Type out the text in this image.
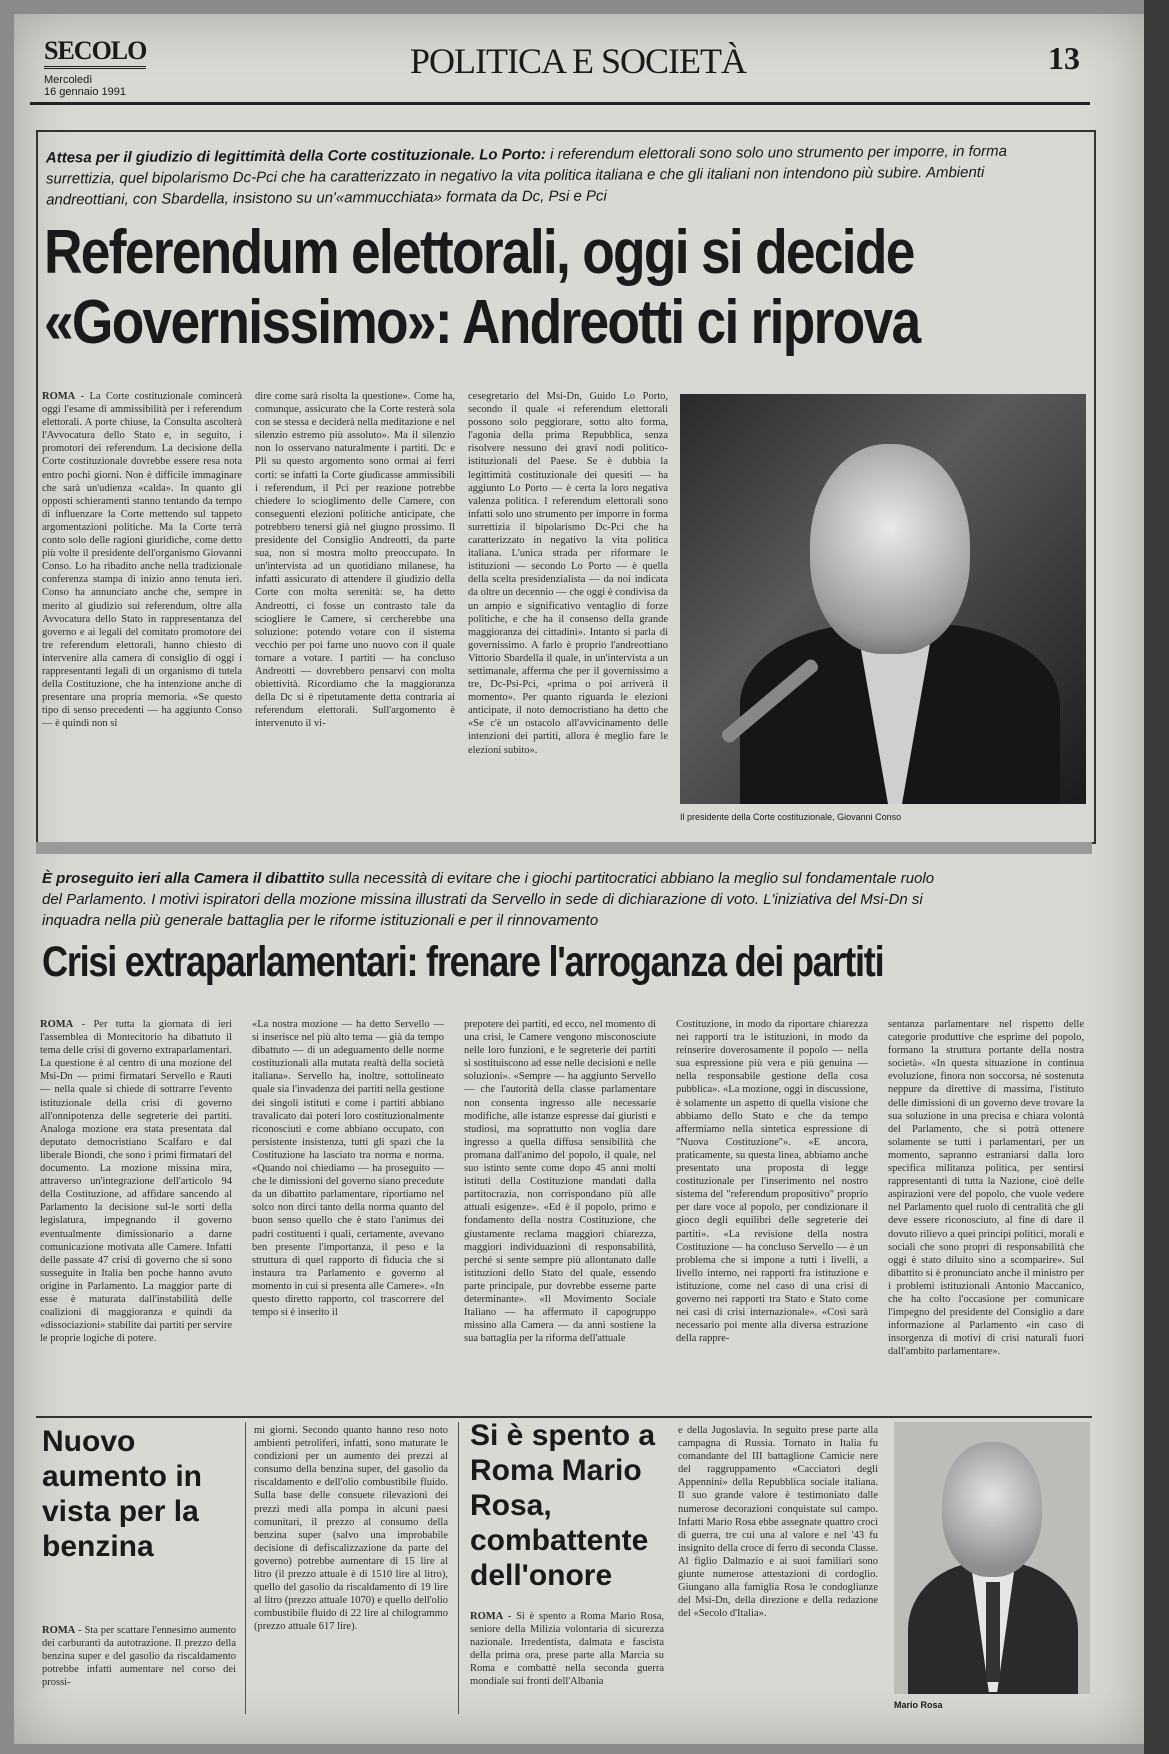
SECOLO
Mercoledì
16 gennaio 1991
POLITICA E SOCIETÀ	13
Attesa per il giudizio di legittimità della Corte costituzionale. Lo Porto: i referendum elettorali sono solo uno strumento per imporre, in forma surrettizia, quel bipolarismo Dc-Pci che ha caratterizzato in negativo la vita politica italiana e che gli italiani non intendono più subire. Ambienti andreottiani, con Sbardella, insistono su un'«ammucchiata» formata da Dc, Psi e Pci
Referendum elettorali, oggi si decide
«Governissimo»: Andreotti ci riprova
ROMA - La Corte costituzionale comincerà oggi l'esame di ammissibilità per i referendum elettorali. A porte chiuse, la Consulta ascolterà l'Avvocatura dello Stato e, in seguito, i promotori dei referendum. La decisione della Corte costituzionale dovrebbe essere resa nota entro pochi giorni. Non è difficile immaginare che sarà un'udienza «calda». In quanto gli opposti schieramenti stanno tentando da tempo di influenzare la Corte mettendo sul tappeto argomentazioni politiche. Ma la Corte terrà conto solo delle ragioni giuridiche, come detto più volte il presidente dell'organismo Giovanni Conso. Lo ha ribadito anche nella tradizionale conferenza stampa di inizio anno tenuta ieri. Conso ha annunciato anche che, sempre in merito al giudizio sui referendum, oltre alla Avvocatura dello Stato in rappresentanza del governo e ai legali del comitato promotore dei tre referendum elettorali, hanno chiesto di intervenire alla camera di consiglio di oggi i rappresentanti legali di un organismo di tutela della Costituzione, che ha intenzione anche di presentare una propria memoria. «Se questo tipo di senso precedenti — ha aggiunto Conso — è quindi non si
dire come sarà risolta la questione». Come ha, comunque, assicurato che la Corte resterà sola con se stessa e deciderà nella meditazione e nel silenzio estremo più assoluto». Ma il silenzio non lo osservano naturalmente i partiti. Dc e Pli su questo argomento sono ormai ai ferri corti: se infatti la Corte giudicasse ammissibili i referendum, il Pci per reazione potrebbe chiedere lo scioglimento delle Camere, con conseguenti elezioni politiche anticipate, che potrebbero tenersi già nel giugno prossimo. Il presidente del Consiglio Andreotti, da parte sua, non si mostra molto preoccupato. In un'intervista ad un quotidiano milanese, ha infatti assicurato di attendere il giudizio della Corte con molta serenità: se, ha detto Andreotti, ci fosse un contrasto tale da sciogliere le Camere, si cercherebbe una soluzione: potendo votare con il sistema vecchio per poi farne uno nuovo con il quale tornare a votare. I partiti — ha concluso Andreotti — dovrebbero pensarvi con molta obiettività. Ricordiamo che la maggioranza della Dc si è ripetutamente detta contraria ai referendum elettorali. Sull'argomento è intervenuto il vi-
cesegretario del Msi-Dn, Guido Lo Porto, secondo il quale «i referendum elettorali possono solo peggiorare, sotto alto forma, l'agonia della prima Repubblica, senza risolvere nessuno dei gravi nodi politico-istituzionali del Paese. Se è dubbia la legittimità costituzionale dei quesiti — ha aggiunto Lo Porto — è certa la loro negativa valenza politica. I referendum elettorali sono infatti solo uno strumento per imporre in forma surrettizia il bipolarismo Dc-Pci che ha caratterizzato in negativo la vita politica italiana. L'unica strada per riformare le istituzioni — secondo Lo Porto — è quella della scelta presidenzialista — da noi indicata da oltre un decennio — che oggi è condivisa da un ampio e significativo ventaglio di forze politiche, e che ha il consenso della grande maggioranza dei cittadini». Intanto si parla di governissimo. A farlo è proprio l'andreottiano Vittorio Sbardella il quale, in un'intervista a un settimanale, afferma che per il governissimo a tre, Dc-Psi-Pci, «prima o poi arriverà il momento». Per quanto riguarda le elezioni anticipate, il noto democristiano ha detto che «Se c'è un ostacolo all'avvicinamento delle intenzioni dei partiti, allora è meglio fare le elezioni subito».
Il presidente della Corte costituzionale, Giovanni Conso
È proseguito ieri alla Camera il dibattito sulla necessità di evitare che i giochi partitocratici abbiano la meglio sul fondamentale ruolo del Parlamento. I motivi ispiratori della mozione missina illustrati da Servello in sede di dichiarazione di voto. L'iniziativa del Msi-Dn si inquadra nella più generale battaglia per le riforme istituzionali e per il rinnovamento
Crisi extraparlamentari: frenare l'arroganza dei partiti
ROMA - Per tutta la giornata di ieri l'assemblea di Montecitorio ha dibattuto il tema delle crisi di governo extraparlamentari. La questione è al centro di una mozione del Msi-Dn — primi firmatari Servello e Rauti — nella quale si chiede di sottrarre l'evento istituzionale della crisi di governo all'onnipotenza delle segreterie dei partiti. Analoga mozione era stata presentata dal deputato democristiano Scalfaro e dal liberale Biondi, che sono i primi firmatari del documento. La mozione missina mira, attraverso un'integrazione dell'articolo 94 della Costituzione, ad affidare sancendo al Parlamento la decisione sul-le sorti della legislatura, impegnando il governo eventualmente dimissionario a darne comunicazione motivata alle Camere. Infatti delle passate 47 crisi di governo che si sono susseguite in Italia ben poche hanno avuto origine in Parlamento. La maggior parte di esse è maturata dall'instabilità delle coalizioni di maggioranza e quindi da «dissociazioni» stabilite dai partiti per servire le proprie logiche di potere.
«La nostra mozione — ha detto Servello — si inserisce nel più alto tema — già da tempo dibattuto — di un adeguamento delle norme costituzionali alla mutata realtà della società italiana». Servello ha, inoltre, sottolineato quale sia l'invadenza dei partiti nella gestione dei singoli istituti e come i partiti abbiano travalicato dai poteri loro costituzionalmente riconosciuti e come abbiano occupato, con persistente insistenza, tutti gli spazi che la Costituzione ha lasciato tra norma e norma. «Quando noi chiediamo — ha proseguito — che le dimissioni del governo siano precedute da un dibattito parlamentare, riportiamo nel solco non dirci tanto della norma quanto del buon senso quello che è stato l'animus dei padri costituenti i quali, certamente, avevano ben presente l'importanza, il peso e la struttura di quel rapporto di fiducia che si instaura tra Parlamento e governo al momento in cui si presenta alle Camere». «In questo diretto rapporto, col trascorrere del tempo si è inserito il
prepotere dei partiti, ed ecco, nel momento di una crisi, le Camere vengono misconosciute nelle loro funzioni, e le segreterie dei partiti si sostituiscono ad esse nelle decisioni e nelle soluzioni». «Sempre — ha aggiunto Servello — che l'autorità della classe parlamentare non consenta ingresso alle necessarie modifiche, alle istanze espresse dai giuristi e studiosi, ma soprattutto non voglia dare ingresso a quella diffusa sensibilità che promana dall'animo del popolo, il quale, nel suo istinto sente come dopo 45 anni molti istituti della Costituzione mandati dalla partitocrazia, non corrispondano più alle attuali esigenze». «Ed è il popolo, primo e fondamento della nostra Costituzione, che giustamente reclama maggiori chiarezza, maggiori individuazioni di responsabilità, perché si sente sempre più allontanato dalle istituzioni dello Stato del quale, essendo parte principale, pur dovrebbe esserne parte determinante». «Il Movimento Sociale Italiano — ha affermato il capogruppo missino alla Camera — da anni sostiene la sua battaglia per la riforma dell'attuale
Costituzione, in modo da riportare chiarezza nei rapporti tra le istituzioni, in modo da reinserire doverosamente il popolo — nella sua espressione più vera e più genuina — nella responsabile gestione della cosa pubblica». «La mozione, oggi in discussione, è solamente un aspetto di quella visione che abbiamo dello Stato e che da tempo affermiamo nella sintetica espressione di "Nuova Costituzione"». «E ancora, praticamente, su questa linea, abbiamo anche presentato una proposta di legge costituzionale per l'inserimento nel nostro sistema del "referendum propositivo" proprio per dare voce al popolo, per condizionare il gioco degli equilibri delle segreterie dei partiti». «La revisione della nostra Costituzione — ha concluso Servello — è un problema che si impone a tutti i livelli, a livello interno, nei rapporti fra istituzione e istituzione, come nel caso di una crisi di governo nei rapporti tra Stato e Stato come nei casi di crisi internazionale». «Così sarà necessario poi mente alla diversa estrazione della rappre-
sentanza parlamentare nel rispetto delle categorie produttive che esprime del popolo, formano la struttura portante della nostra società». «In questa situazione in continua evoluzione, finora non soccorsa, né sostenuta neppure da direttive di massima, l'istituto delle dimissioni di un governo deve trovare la sua soluzione in una precisa e chiara volontà del Parlamento, che si potrà ottenere solamente se tutti i parlamentari, per un momento, sapranno estraniarsi dalla loro specifica militanza politica, per sentirsi rappresentanti di tutta la Nazione, cioè delle aspirazioni vere del popolo, che vuole vedere nel Parlamento quel ruolo di centralità che gli deve essere riconosciuto, al fine di dare il dovuto rilievo a quei principi politici, morali e sociali che sono propri di responsabilità che oggi è stato diluito sino a scomparire». Sul dibattito si è pronunciato anche il ministro per i problemi istituzionali Antonio Maccanico, che ha colto l'occasione per comunicare l'impegno del presidente del Consiglio a dare informazione al Parlamento «in caso di insorgenza di motivi di crisi naturali fuori dall'ambito parlamentare».
Nuovo aumento in vista per la benzina
ROMA - Sta per scattare l'ennesimo aumento dei carburanti da autotrazione. Il prezzo della benzina super e del gasolio da riscaldamento potrebbe infatti aumentare nel corso dei prossi-
mi giorni. Secondo quanto hanno reso noto ambienti petroliferi, infatti, sono maturate le condizioni per un aumento dei prezzi al consumo della benzina super, del gasolio da riscaldamento e dell'olio combustibile fluido. Sulla base delle consuete rilevazioni dei prezzi medi alla pompa in alcuni paesi comunitari, il prezzo al consumo della benzina super (salvo una improbabile decisione di defiscalizzazione da parte del governo) potrebbe aumentare di 15 lire al litro (il prezzo attuale è di 1510 lire al litro), quello del gasolio da riscaldamento di 19 lire al litro (prezzo attuale 1070) e quello dell'olio combustibile fluido di 22 lire al chilogrammo (prezzo attuale 617 lire).
Si è spento a Roma Mario Rosa, combattente dell'onore
ROMA - Si è spento a Roma Mario Rosa, seniore della Milizia volontaria di sicurezza nazionale. Irredentista, dalmata e fascista della prima ora, prese parte alla Marcia su Roma e combatté nella seconda guerra mondiale sui fronti dell'Albania
e della Jugoslavia. In seguito prese parte alla campagna di Russia. Tornato in Italia fu comandante del III battaglione Camicie nere del raggruppamento «Cacciatori degli Appennini» della Repubblica sociale italiana. Il suo grande valore è testimoniato dalle numerose decorazioni conquistate sul campo. Infatti Mario Rosa ebbe assegnate quattro croci di guerra, tre cui una al valore e nel '43 fu insignito della croce di ferro di seconda Classe. Al figlio Dalmazio e ai suoi familiari sono giunte numerose attestazioni di cordoglio. Giungano alla famiglia Rosa le condoglianze del Msi-Dn, della direzione e della redazione del «Secolo d'Italia».
Mario Rosa
